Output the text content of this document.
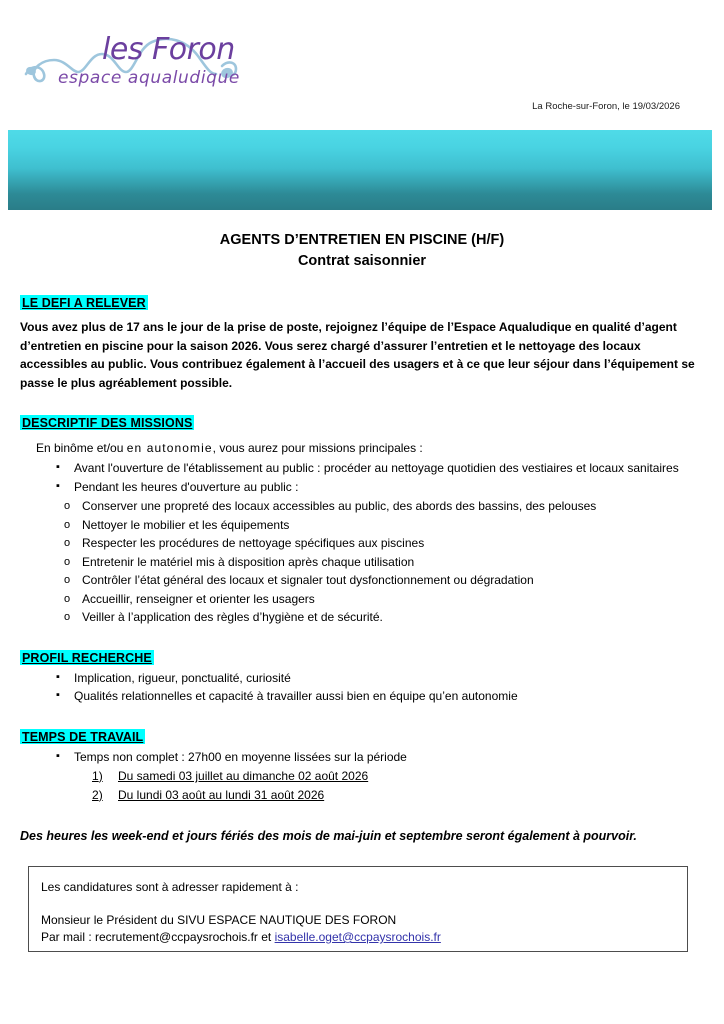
les Foron
espace aqualudique
La Roche-sur-Foron, le 19/03/2026
AGENTS D’ENTRETIEN EN PISCINE (H/F)
Contrat saisonnier
LE DEFI A RELEVER

Vous avez plus de 17 ans le jour de la prise de poste, rejoignez l’équipe de l’Espace Aqualudique en qualité d’agent d’entretien en piscine pour la saison 2026. Vous serez chargé d’assurer l’entretien et le nettoyage des locaux accessibles au public. Vous contribuez également à l’accueil des usagers et à ce que leur séjour dans l’équipement se passe le plus agréablement possible.

DESCRIPTIF DES MISSIONS

En binôme et/ou en autonomie, vous aurez pour missions principales :

▪ Avant l'ouverture de l'établissement au public : procéder au nettoyage quotidien des vestiaires et locaux sanitaires
▪ Pendant les heures d'ouverture au public :
o Conserver une propreté des locaux accessibles au public, des abords des bassins, des pelouses
o Nettoyer le mobilier et les équipements
o Respecter les procédures de nettoyage spécifiques aux piscines
o Entretenir le matériel mis à disposition après chaque utilisation
o Contrôler l’état général des locaux et signaler tout dysfonctionnement ou dégradation
o Accueillir, renseigner et orienter les usagers
o Veiller à l’application des règles d’hygiène et de sécurité.
PROFIL RECHERCHE
▪ Implication, rigueur, ponctualité, curiosité
▪ Qualités relationnelles et capacité à travailler aussi bien en équipe qu’en autonomie
TEMPS DE TRAVAIL
▪ Temps non complet : 27h00 en moyenne lissées sur la période
Du samedi 03 juillet au dimanche 02 août 2026
Du lundi 03 août au lundi 31 août 2026

Des heures les week-end et jours fériés des mois de mai-juin et septembre seront également à pourvoir.

Les candidatures sont à adresser rapidement à :
Monsieur le Président du SIVU ESPACE NAUTIQUE DES FORON
Par mail : recrutement@ccpaysrochois.fr et isabelle.oget@ccpaysrochois.fr
